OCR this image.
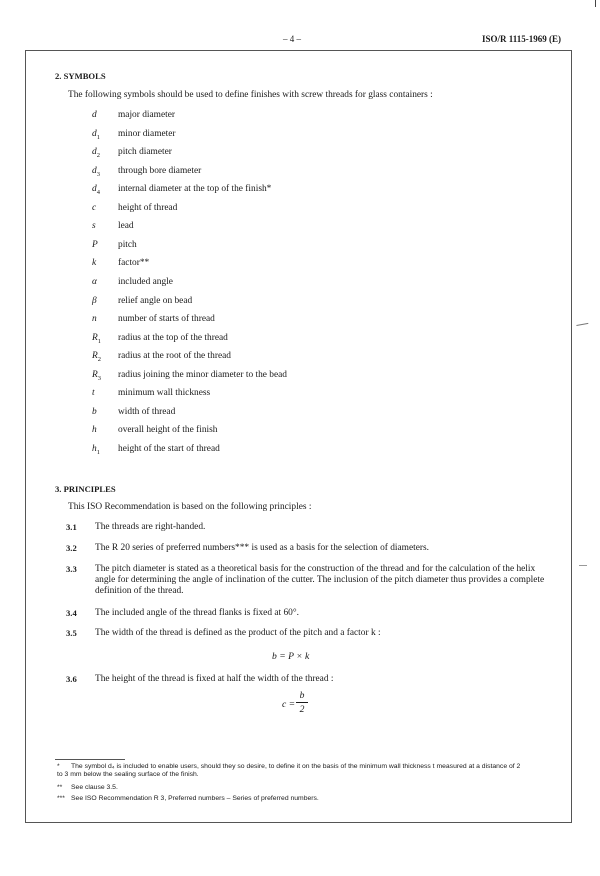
– 4 –	ISO/R 1115-1969 (E)
2. SYMBOLS
The following symbols should be used to define finishes with screw threads for glass containers :
d major diameter
$d_1$ minor diameter
$d_2$ pitch diameter
$d_3$ through bore diameter
$d_4$ internal diameter at the top of the finish*
c height of thread
s lead
P pitch
k factor**
α included angle
β relief angle on bead
n number of starts of thread
$R_1$ radius at the top of the thread
$R_2$ radius at the root of the thread
$R_3$ radius joining the minor diameter to the bead
t minimum wall thickness
b width of thread
h overall height of the finish
$h_1$ height of the start of thread
3. PRINCIPLES
This ISO Recommendation is based on the following principles :
3.1 The threads are right-handed.
3.2 The R 20 series of preferred numbers*** is used as a basis for the selection of diameters.
3.3 The pitch diameter is stated as a theoretical basis for the construction of the thread and for the calculation of the helix angle for determining the angle of inclination of the cutter. The inclusion of the pitch diameter thus provides a complete definition of the thread.
3.4 The included angle of the thread flanks is fixed at 60°.
3.5 The width of the thread is defined as the product of the pitch and a factor k :
b = P × k
3.6 The height of the thread is fixed at half the width of the thread :
c =
b
2
* The symbol d₄ is included to enable users, should they so desire, to define it on the basis of the minimum wall thickness t measured at a distance of 2 to 3 mm below the sealing surface of the finish.
** See clause 3.5.
*** See ISO Recommendation R 3, Preferred numbers – Series of preferred numbers.
